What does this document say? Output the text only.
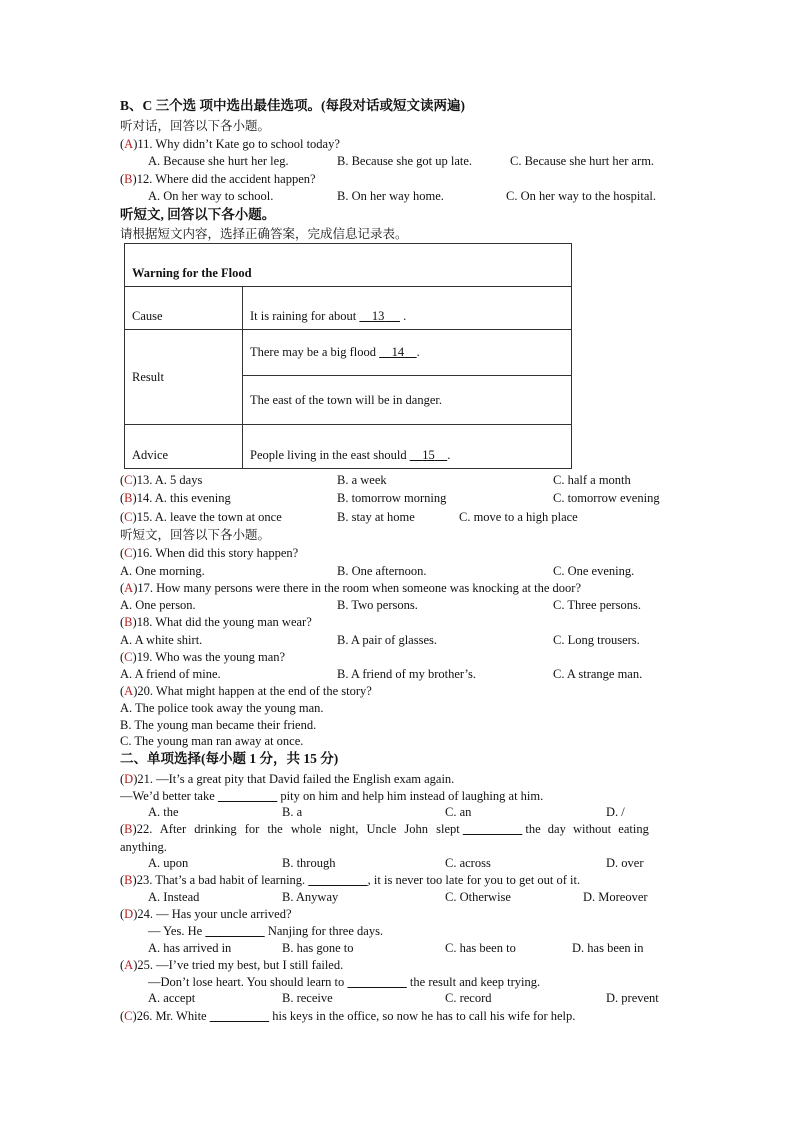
B、C 三个选 项中选出最佳选项。(每段对话或短文读两遍)
听对话，回答以下各小题。
(A)11. Why didn’t Kate go to school today?
A. Because she hurt her leg.	B. Because she got up late.	C. Because she hurt her arm.
(B)12. Where did the accident happen?
A. On her way to school.	B. On her way home.	C. On her way to the hospital.
听短文, 回答以下各小题。
请根据短文内容，选择正确答案，完成信息记录表。
Warning for the Flood	
Cause	It is raining for about 13 .
Result	There may be a big flood 14 .
	The east of the town will be in danger.
Advice	People living in the east should 15 .
(C)13. A. 5 days	B. a week	C. half a month
(B)14. A. this evening	B. tomorrow morning	C. tomorrow evening
(C)15. A. leave the town at once	B. stay at home	C. move to a high place
听短文，回答以下各小题。
(C)16. When did this story happen?
A. One morning.	B. One afternoon.	C. One evening.
(A)17. How many persons were there in the room when someone was knocking at the door?
A. One person.	B. Two persons.	C. Three persons.
(B)18. What did the young man wear?
A. A white shirt.	B. A pair of glasses.	C. Long trousers.
(C)19. Who was the young man?
A. A friend of mine.	B. A friend of my brother’s.	C. A strange man.
(A)20. What might happen at the end of the story?
A. The police took away the young man.
B. The young man became their friend.
C. The young man ran away at once.
二、单项选择(每小题 1 分，共 15 分)
(D)21. —It’s a great pity that David failed the English exam again.
—We’d better take	pity on him and help him instead of laughing at him.
A. the	B. a	C. an	D. /
(B)22. After drinking for the whole night, Uncle John slept	the day without eating
anything.
A. upon	B. through	C. across	D. over
(B)23. That’s a bad habit of learning.	, it is never too late for you to get out of it.
A. Instead	B. Anyway	C. Otherwise	D. Moreover
(D)24. — Has your uncle arrived?
— Yes. He	Nanjing for three days.
A. has arrived in	B. has gone to	C. has been to	D. has been in
(A)25. —I’ve tried my best, but I still failed.
—Don’t lose heart. You should learn to	the result and keep trying.
A. accept	B. receive	C. record	D. prevent
(C)26. Mr. White	his keys in the office, so now he has to call his wife for help.
